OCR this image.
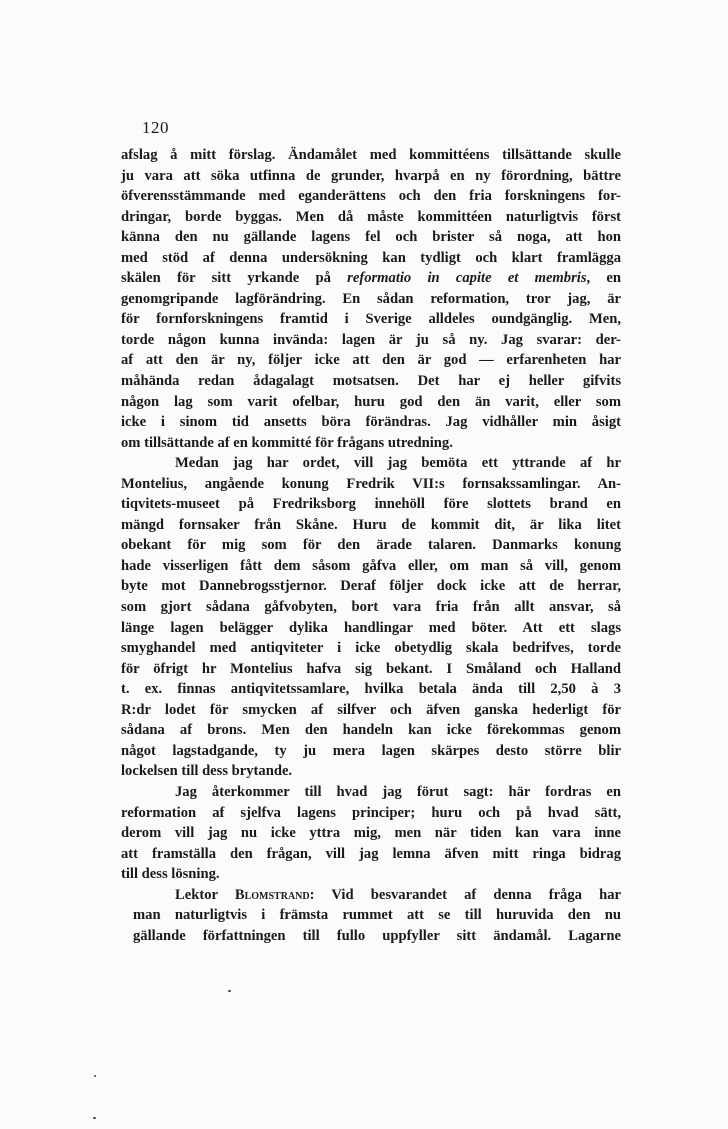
120
afslag å mitt förslag. Ändamålet med kommittéens tillsättande skulle
ju vara att söka utfinna de grunder, hvarpå en ny förordning, bättre
öfverensstämmande med eganderättens och den fria forskningens for-
dringar, borde byggas. Men då måste kommittéen naturligtvis först
känna den nu gällande lagens fel och brister så noga, att hon
med stöd af denna undersökning kan tydligt och klart framlägga
skälen för sitt yrkande på reformatio in capite et membris, en
genomgripande lagförändring. En sådan reformation, tror jag, är
för fornforskningens framtid i Sverige alldeles oundgänglig. Men,
torde någon kunna invända: lagen är ju så ny. Jag svarar: der-
af att den är ny, följer icke att den är god — erfarenheten har
måhända redan ådagalagt motsatsen. Det har ej heller gifvits
någon lag som varit ofelbar, huru god den än varit, eller som
icke i sinom tid ansetts böra förändras. Jag vidhåller min åsigt
om tillsättande af en kommitté för frågans utredning.
Medan jag har ordet, vill jag bemöta ett yttrande af hr
Montelius, angående konung Fredrik VII:s fornsakssamlingar. An-
tiqvitets-museet på Fredriksborg innehöll före slottets brand en
mängd fornsaker från Skåne. Huru de kommit dit, är lika litet
obekant för mig som för den ärade talaren. Danmarks konung
hade visserligen fått dem såsom gåfva eller, om man så vill, genom
byte mot Dannebrogsstjernor. Deraf följer dock icke att de herrar,
som gjort sådana gåfvobyten, bort vara fria från allt ansvar, så
länge lagen belägger dylika handlingar med böter. Att ett slags
smyghandel med antiqviteter i icke obetydlig skala bedrifves, torde
för öfrigt hr Montelius hafva sig bekant. I Småland och Halland
t. ex. finnas antiqvitetssamlare, hvilka betala ända till 2,50 à 3
R:dr lodet för smycken af silfver och äfven ganska hederligt för
sådana af brons. Men den handeln kan icke förekommas genom
något lagstadgande, ty ju mera lagen skärpes desto större blir
lockelsen till dess brytande.
Jag återkommer till hvad jag förut sagt: här fordras en
reformation af sjelfva lagens principer; huru och på hvad sätt,
derom vill jag nu icke yttra mig, men när tiden kan vara inne
att framställa den frågan, vill jag lemna äfven mitt ringa bidrag
till dess lösning.
Lektor Blomstrand: Vid besvarandet af denna fråga har
man naturligtvis i främsta rummet att se till huruvida den nu
gällande författningen till fullo uppfyller sitt ändamål. Lagarne
